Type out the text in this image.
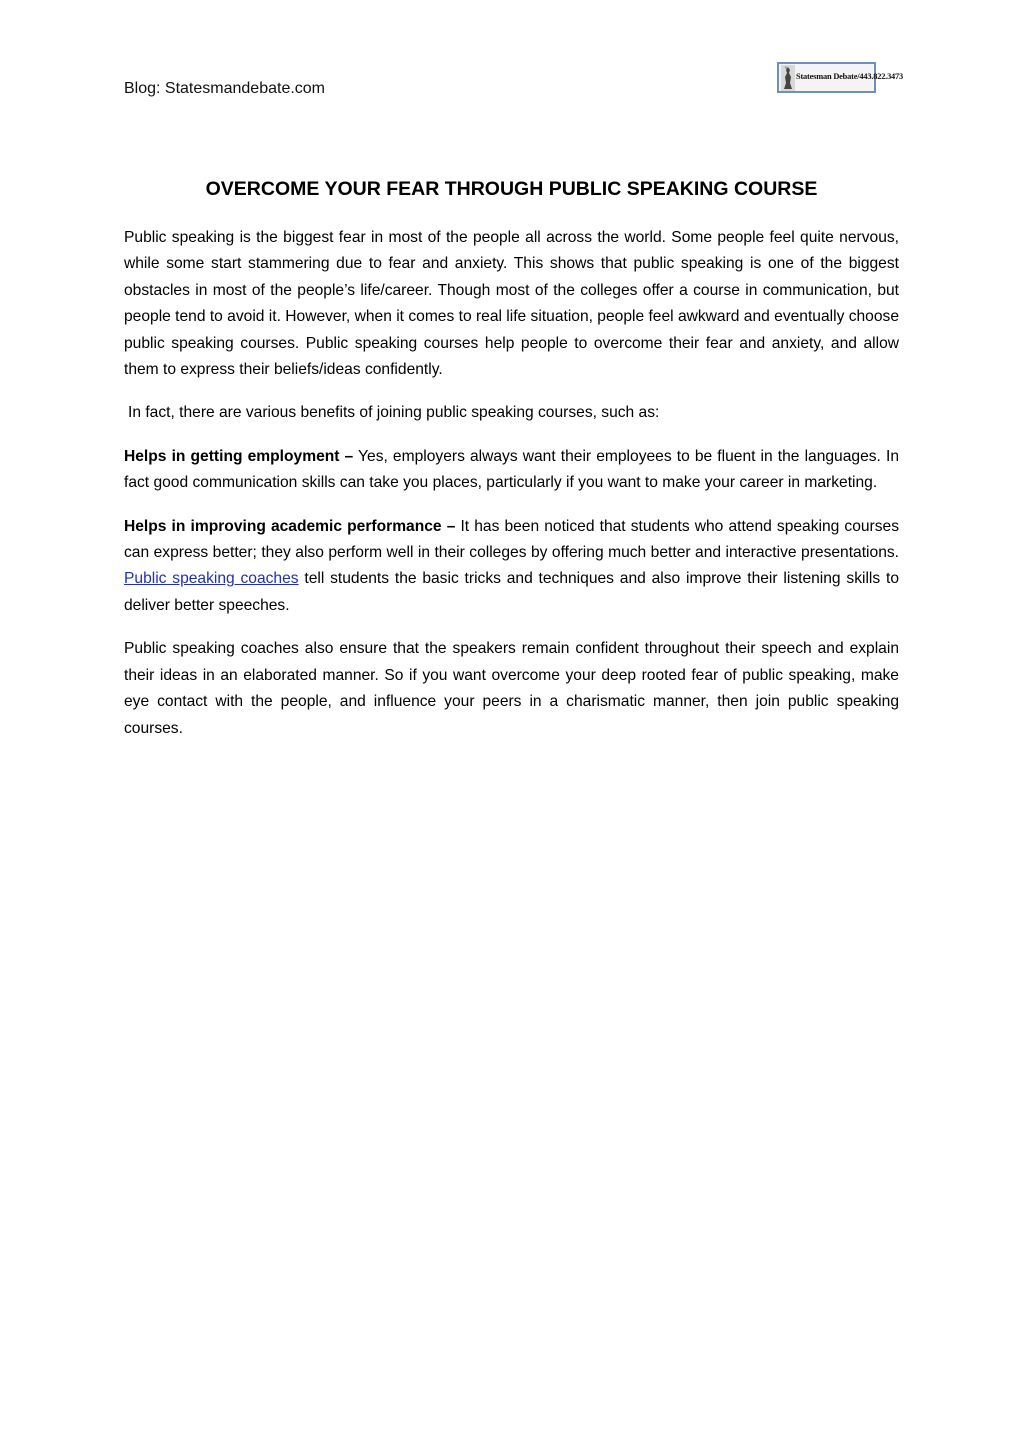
Blog: Statesmandebate.com
Statesman Debate/443.822.3473
OVERCOME YOUR FEAR THROUGH PUBLIC SPEAKING COURSE

Public speaking is the biggest fear in most of the people all across the world. Some people feel quite nervous, while some start stammering due to fear and anxiety. This shows that public speaking is one of the biggest obstacles in most of the people’s life/career. Though most of the colleges offer a course in communication, but people tend to avoid it. However, when it comes to real life situation, people feel awkward and eventually choose public speaking courses. Public speaking courses help people to overcome their fear and anxiety, and allow them to express their beliefs/ideas confidently.

In fact, there are various benefits of joining public speaking courses, such as:

Helps in getting employment – Yes, employers always want their employees to be fluent in the languages. In fact good communication skills can take you places, particularly if you want to make your career in marketing.

Helps in improving academic performance – It has been noticed that students who attend speaking courses can express better; they also perform well in their colleges by offering much better and interactive presentations. Public speaking coaches tell students the basic tricks and techniques and also improve their listening skills to deliver better speeches.

Public speaking coaches also ensure that the speakers remain confident throughout their speech and explain their ideas in an elaborated manner. So if you want overcome your deep rooted fear of public speaking, make eye contact with the people, and influence your peers in a charismatic manner, then join public speaking courses.
